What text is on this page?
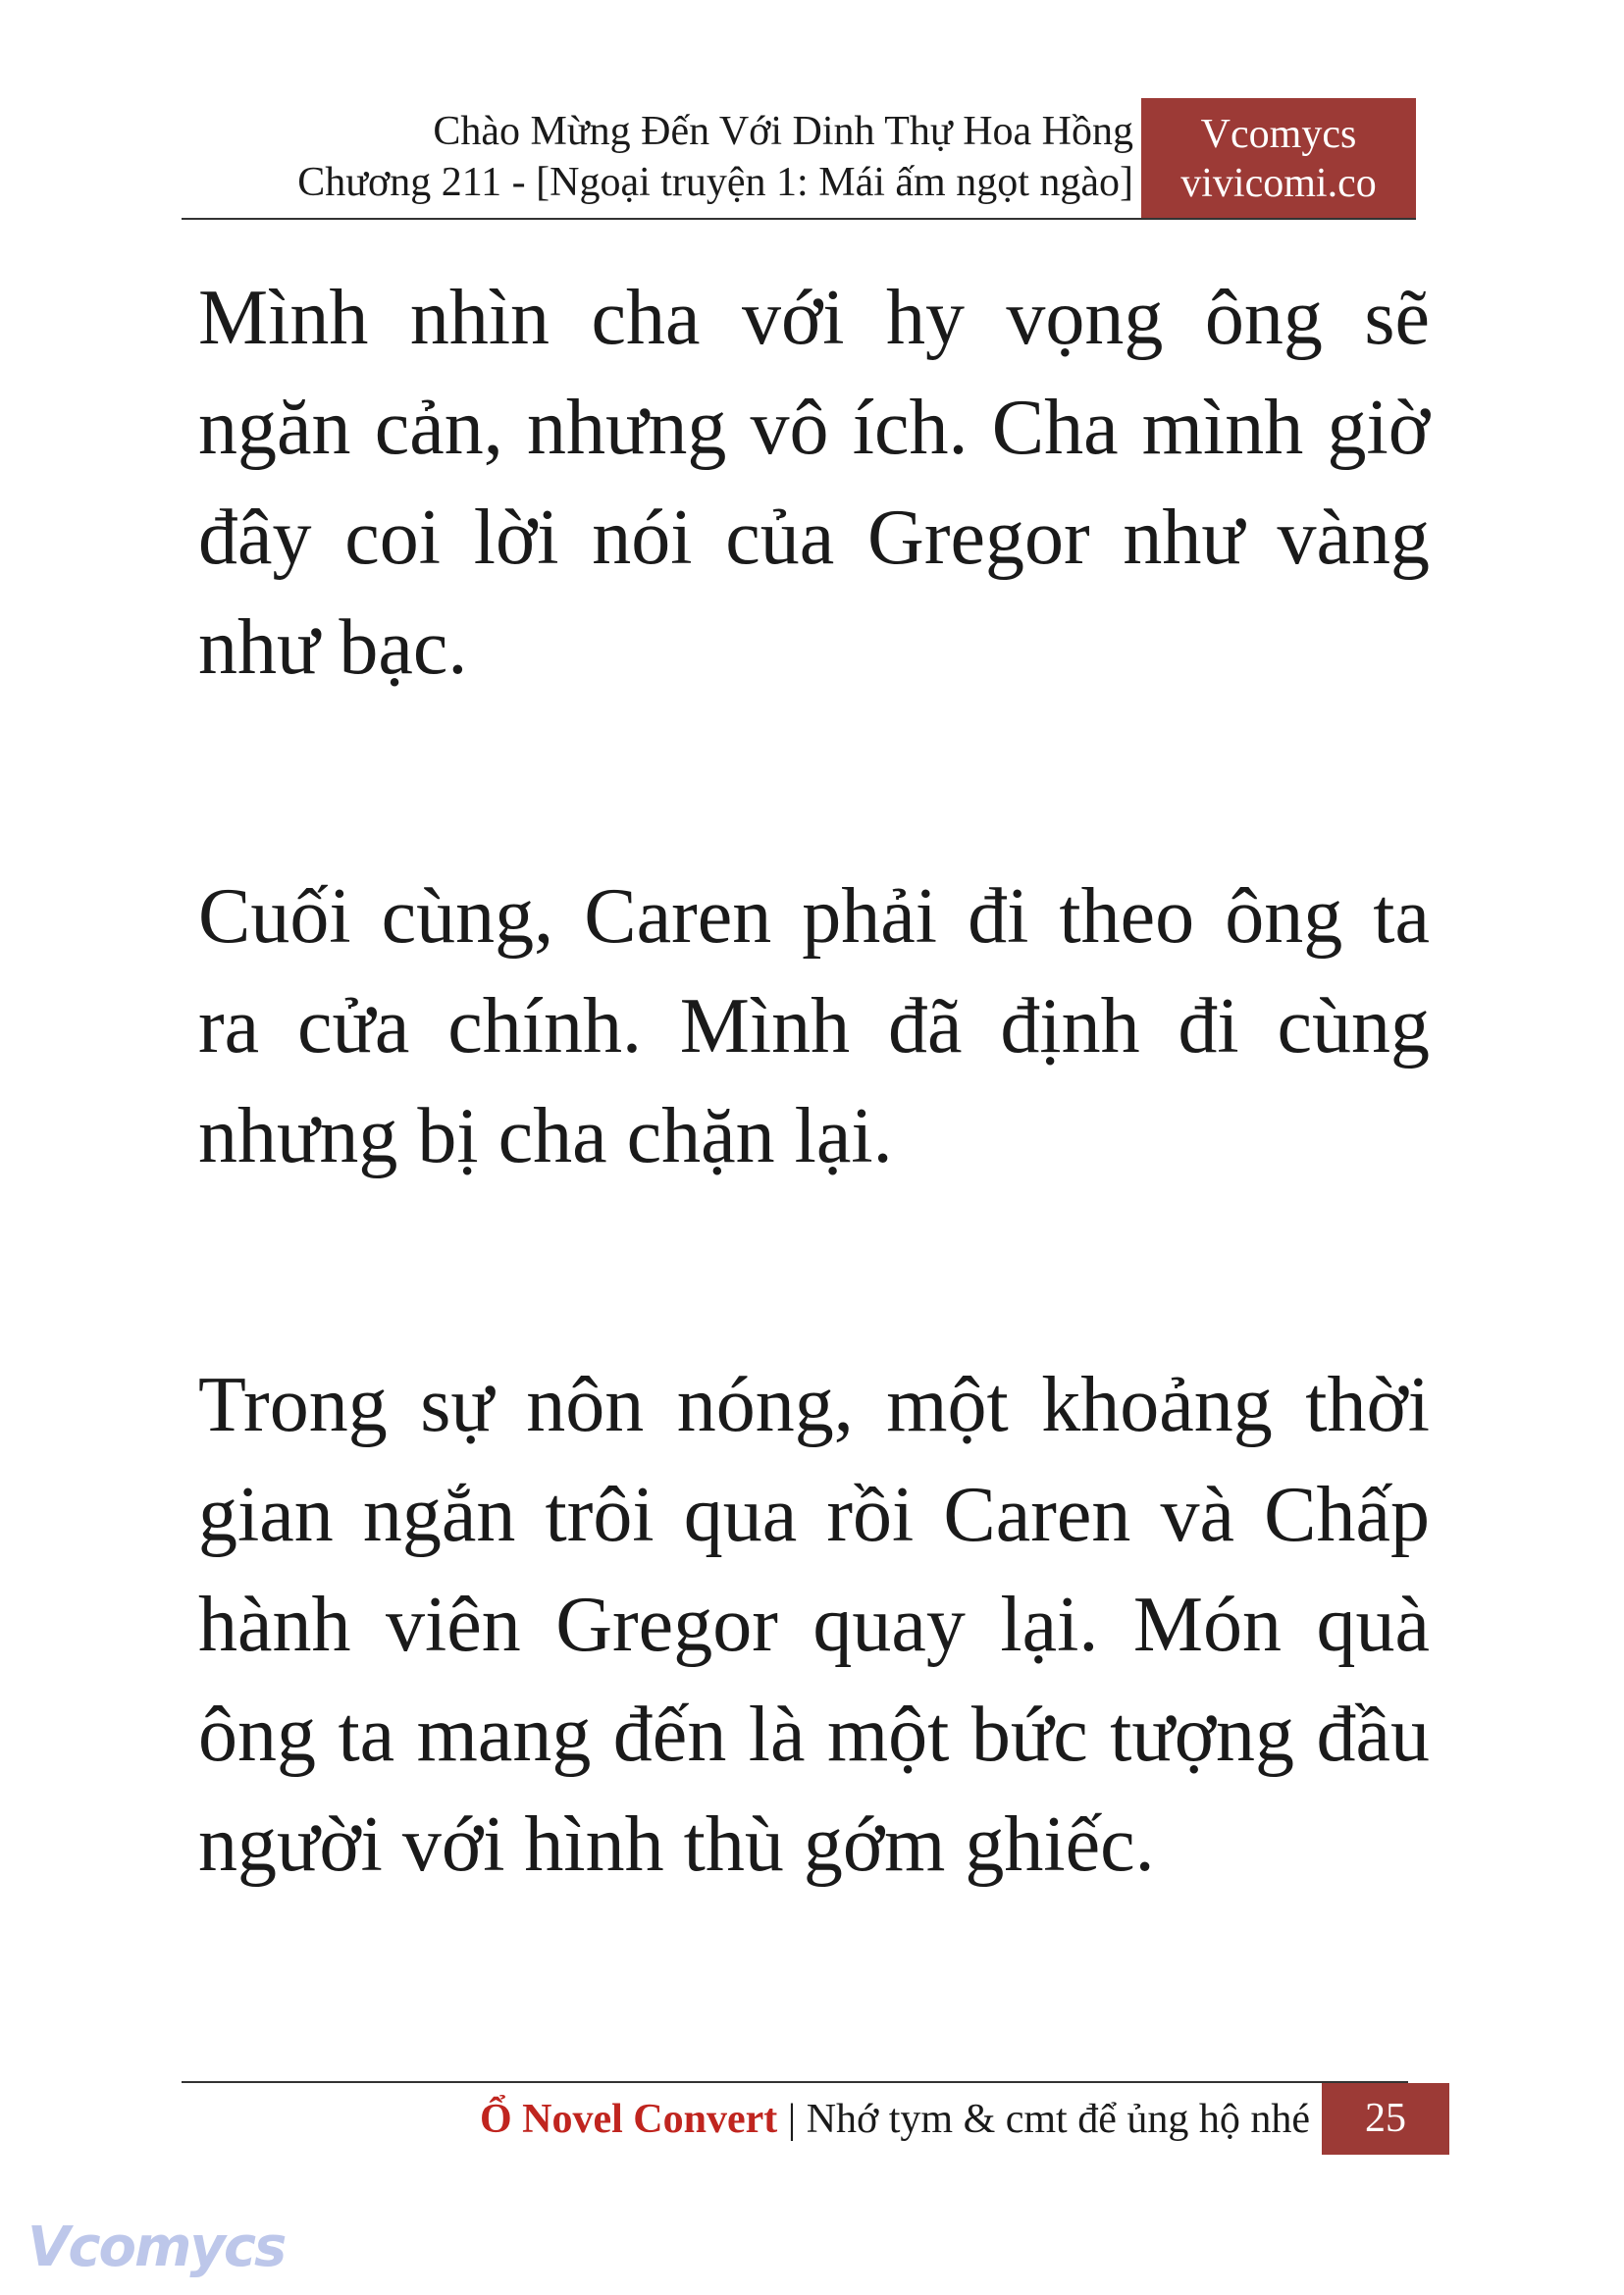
Chào Mừng Đến Với Dinh Thự Hoa Hồng
Chương 211 - [Ngoại truyện 1: Mái ấm ngọt ngào]
Vcomycs
vivicomi.co

Mình nhìn cha với hy vọng ông sẽ ngăn cản, nhưng vô ích. Cha mình giờ đây coi lời nói của Gregor như vàng như bạc.

Cuối cùng, Caren phải đi theo ông ta ra cửa chính. Mình đã định đi cùng nhưng bị cha chặn lại.

Trong sự nôn nóng, một khoảng thời gian ngắn trôi qua rồi Caren và Chấp hành viên Gregor quay lại. Món quà ông ta mang đến là một bức tượng đầu người với hình thù gớm ghiếc.

Ổ Novel Convert | Nhớ tym & cmt để ủng hộ nhé	25
Vcomycs
